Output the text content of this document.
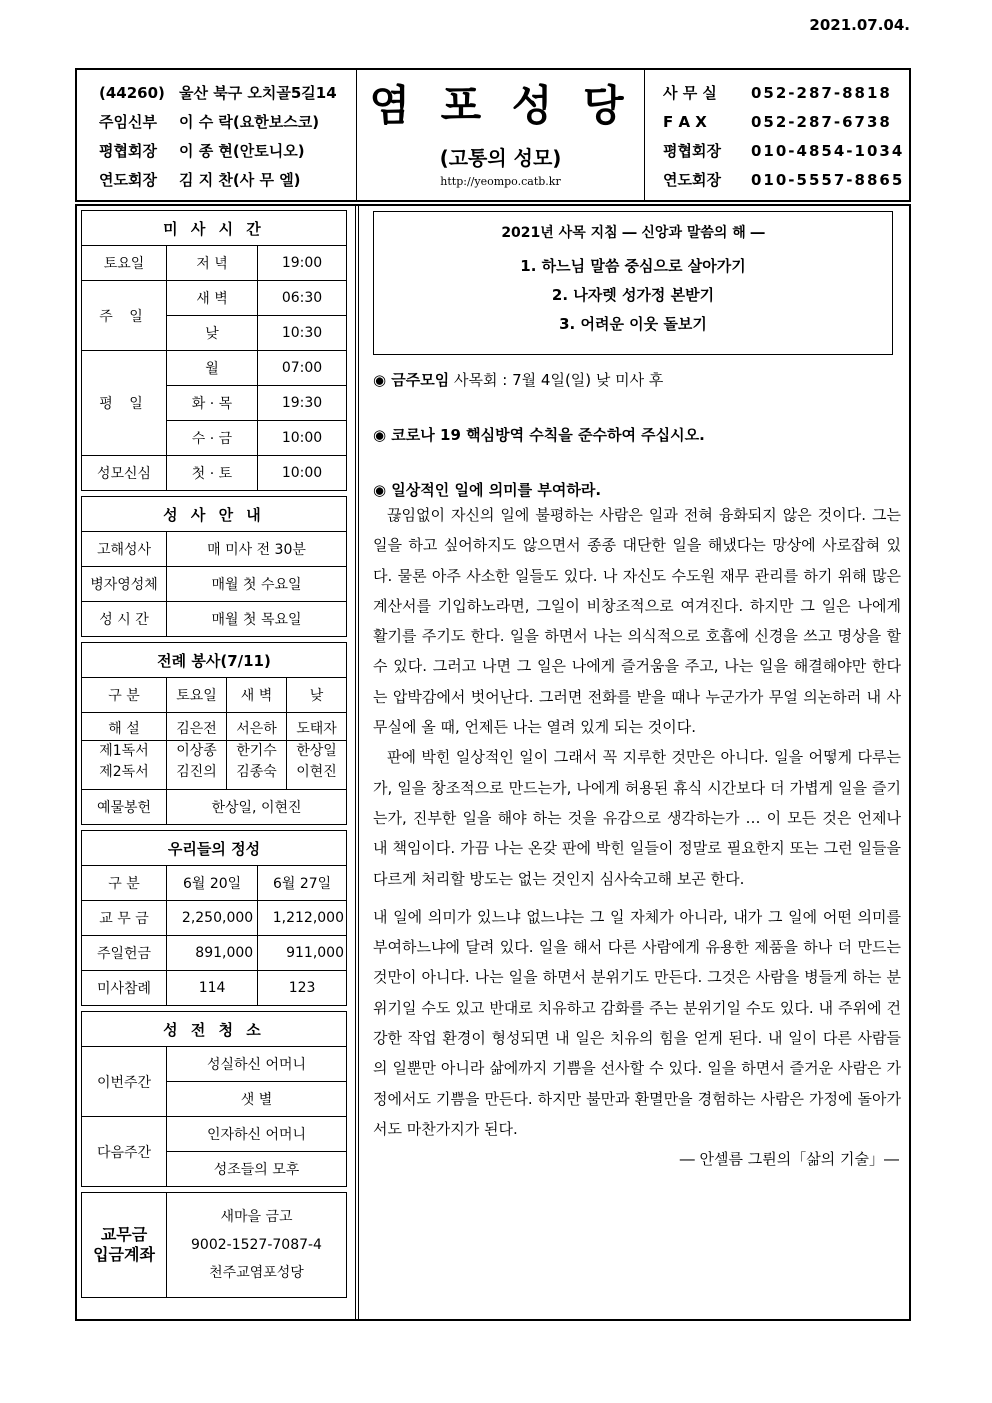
2021.07.04.
(44260) 울산 북구 오치골5길14
주임신부	이 수 락(요한보스코)
평협회장	이 종 현(안토니오)
연도회장	김 지 찬(사 무 엘)
염 포 성 당
(고통의 성모)
http://yeompo.catb.kr
사 무 실	052-287-8818
F A X	052-287-6738
평협회장	010-4854-1034
연도회장	010-5557-8865
미 사 시 간		
토요일	저 녁	19:00
주 일	새 벽	06:30
	낮	10:30
평 일	월	07:00
	화 · 목	19:30
	수 · 금	10:00
성모신심	첫 · 토	10:00
성 사 안 내	
고해성사	매 미사 전 30분
병자영성체	매월 첫 수요일
성 시 간	매월 첫 목요일
전례 봉사(7/11)			
구 분	토요일	새 벽	낮
해 설	김은전	서은하	도태자
제1독서	이상종	한기수	한상일
제2독서	김진의	김종숙	이현진
예물봉헌	한상일, 이현진		
우리들의 정성		
구 분	6월 20일	6월 27일
교 무 금	2,250,000	1,212,000
주일헌금	891,000	911,000
미사참례	114	123
성 전 청 소	
이번주간	성실하신 어머니
	샛 별
다음주간	인자하신 어머니
	성조들의 모후
교무금
입금계좌	
새마을 금고
9002-1527-7087-4
천주교염포성당
2021년 사목 지침 ― 신앙과 말씀의 해 ―
1. 하느님 말씀 중심으로 살아가기
2. 나자렛 성가정 본받기
3. 어려운 이웃 돌보기
◉ 금주모임 사목회 : 7월 4일(일) 낮 미사 후
◉ 코로나 19 핵심방역 수칙을 준수하여 주십시오.
◉ 일상적인 일에 의미를 부여하라.
끊임없이 자신의 일에 불평하는 사람은 일과 전혀 융화되지 않은 것이다. 그는 일을 하고 싶어하지도 않으면서 종종 대단한 일을 해냈다는 망상에 사로잡혀 있다. 물론 아주 사소한 일들도 있다. 나 자신도 수도원 재무 관리를 하기 위해 많은 계산서를 기입하노라면, 그일이 비창조적으로 여겨진다. 하지만 그 일은 나에게 활기를 주기도 한다. 일을 하면서 나는 의식적으로 호흡에 신경을 쓰고 명상을 할 수 있다. 그러고 나면 그 일은 나에게 즐거움을 주고, 나는 일을 해결해야만 한다는 압박감에서 벗어난다. 그러면 전화를 받을 때나 누군가가 무얼 의논하러 내 사무실에 올 때, 언제든 나는 열려 있게 되는 것이다.
판에 박힌 일상적인 일이 그래서 꼭 지루한 것만은 아니다. 일을 어떻게 다루는가, 일을 창조적으로 만드는가, 나에게 허용된 휴식 시간보다 더 가볍게 일을 즐기는가, 진부한 일을 해야 하는 것을 유감으로 생각하는가 … 이 모든 것은 언제나 내 책임이다. 가끔 나는 온갖 판에 박힌 일들이 정말로 필요한지 또는 그런 일들을 다르게 처리할 방도는 없는 것인지 심사숙고해 보곤 한다.
내 일에 의미가 있느냐 없느냐는 그 일 자체가 아니라, 내가 그 일에 어떤 의미를 부여하느냐에 달려 있다. 일을 해서 다른 사람에게 유용한 제품을 하나 더 만드는 것만이 아니다. 나는 일을 하면서 분위기도 만든다. 그것은 사람을 병들게 하는 분위기일 수도 있고 반대로 치유하고 감화를 주는 분위기일 수도 있다. 내 주위에 건강한 작업 환경이 형성되면 내 일은 치유의 힘을 얻게 된다. 내 일이 다른 사람들의 일뿐만 아니라 삶에까지 기쁨을 선사할 수 있다. 일을 하면서 즐거운 사람은 가정에서도 기쁨을 만든다. 하지만 불만과 환멸만을 경험하는 사람은 가정에 돌아가서도 마찬가지가 된다.
― 안셀름 그륀의「삶의 기술」―
